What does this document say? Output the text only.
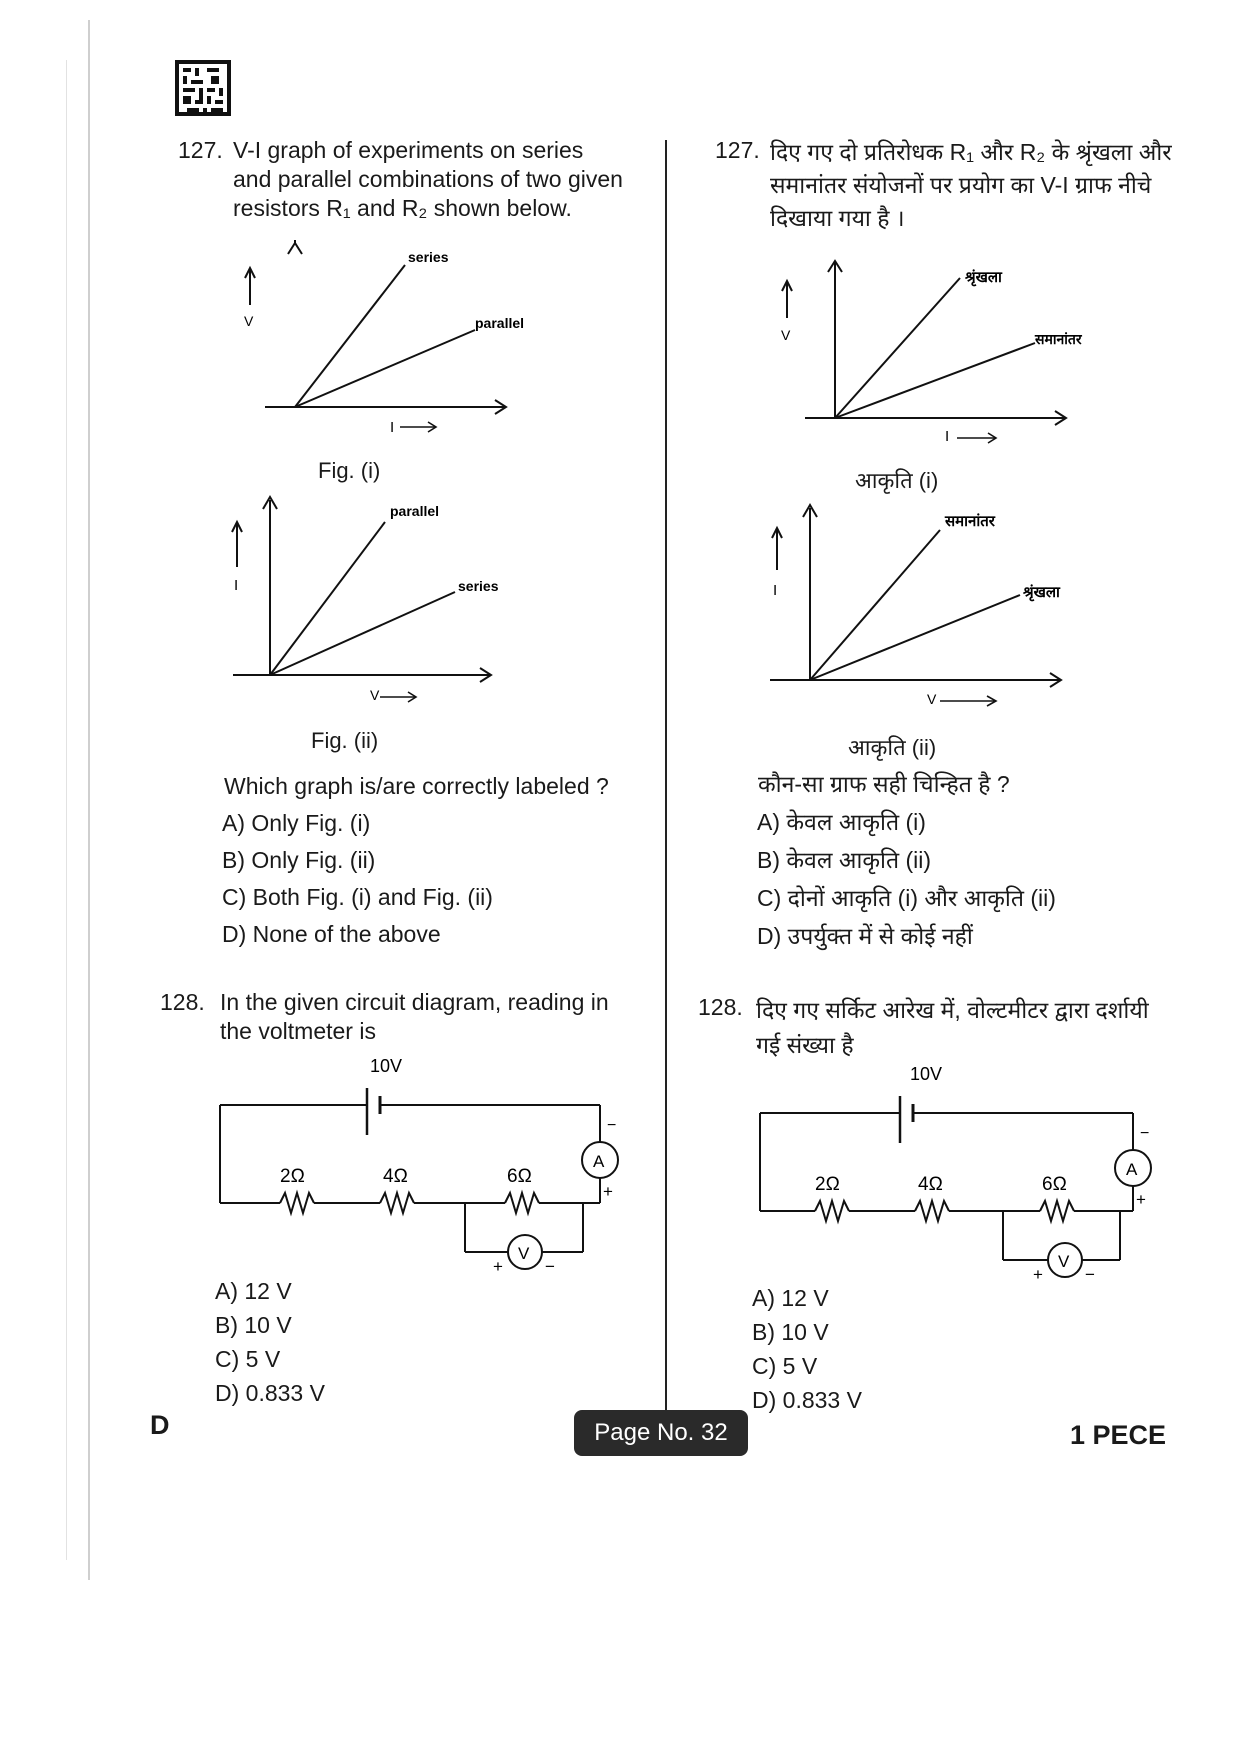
127. V-I graph of experiments on series
and parallel combinations of two given
resistors R₁ and R₂ shown below.
V
I
series
parallel
Fig. (i)
I
V
parallel
series
Fig. (ii)
Which graph is/are correctly labeled ?
A) Only Fig. (i)
B) Only Fig. (ii)
C) Both Fig. (i) and Fig. (ii)
D) None of the above
128. In the given circuit diagram, reading in
the voltmeter is
10V
A
−
+
2Ω	4Ω	6Ω
V
+ −
A) 12 V
B) 10 V
C) 5 V
D) 0.833 V
127. दिए गए दो प्रतिरोधक R₁ और R₂ के श्रृंखला और
समानांतर संयोजनों पर प्रयोग का V-I ग्राफ नीचे
दिखाया गया है ।
V
I
श्रृंखला
समानांतर
आकृति (i)
I
V
समानांतर
श्रृंखला
आकृति (ii)
कौन-सा ग्राफ सही चिन्हित है ?
A) केवल आकृति (i)
B) केवल आकृति (ii)
C) दोनों आकृति (i) और आकृति (ii)
D) उपर्युक्त में से कोई नहीं
128. दिए गए सर्किट आरेख में, वोल्टमीटर द्वारा दर्शायी
गई संख्या है
10V
A
−
+
2Ω	4Ω	6Ω
V
+ −
A) 12 V
B) 10 V
C) 5 V
D) 0.833 V
D	Page No. 32	1 PECE
